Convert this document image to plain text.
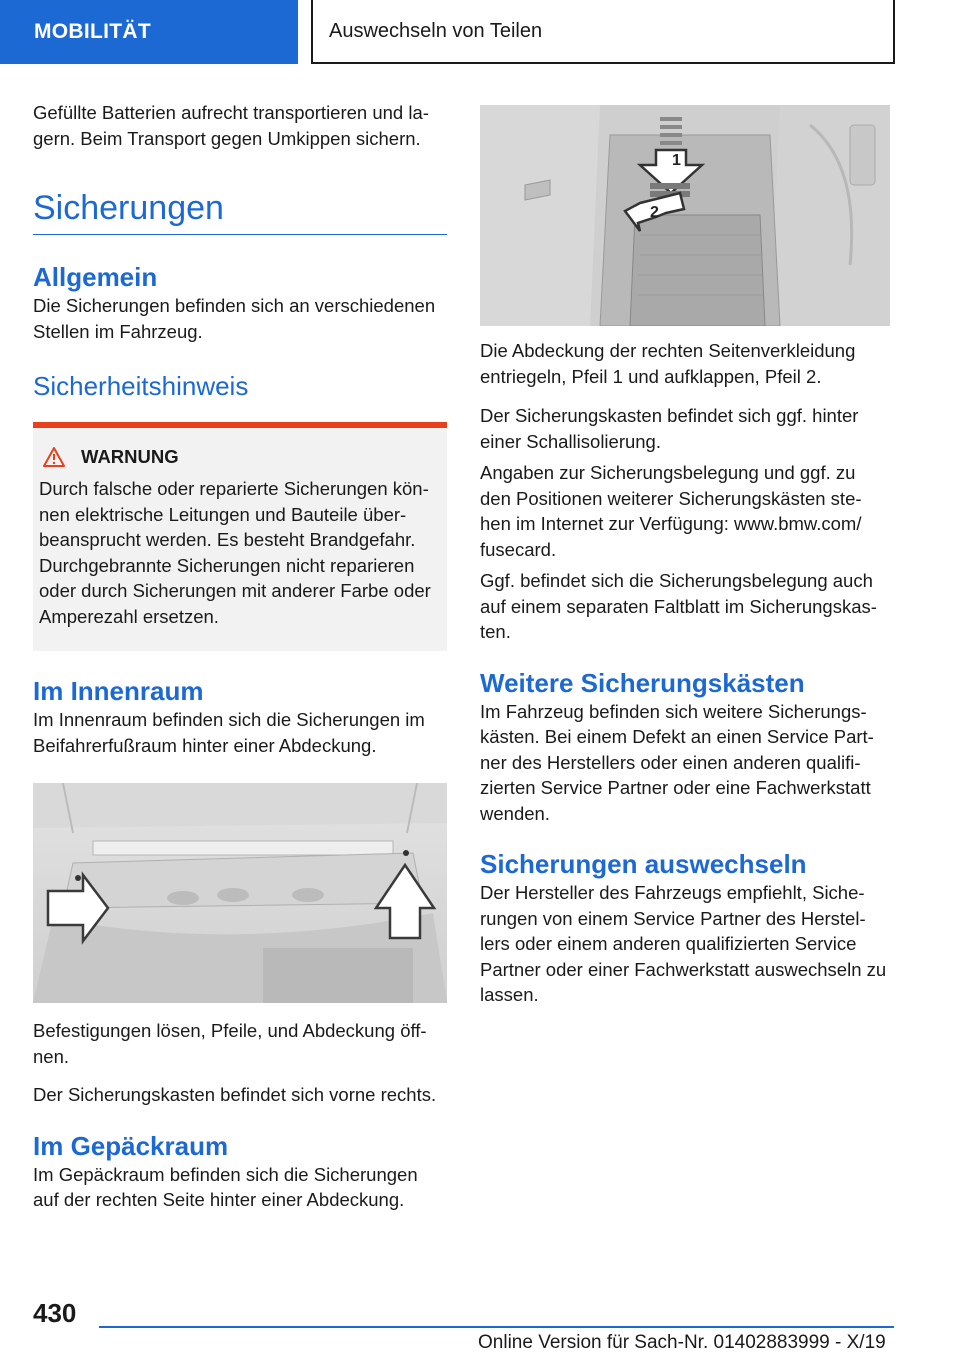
MOBILITÄT	Auswechseln von Teilen

Gefüllte Batterien aufrecht transportieren und la‐gern. Beim Transport gegen Umkippen sichern.

Sicherungen
Allgemein

Die Sicherungen befinden sich an verschiedenen Stellen im Fahrzeug.

Sicherheitshinweis
WARNUNG

Durch falsche oder reparierte Sicherungen kön‐nen elektrische Leitungen und Bauteile über‐beansprucht werden. Es besteht Brandgefahr. Durchgebrannte Sicherungen nicht reparieren oder durch Sicherungen mit anderer Farbe oder Amperezahl ersetzen.

Im Innenraum

Im Innenraum befinden sich die Sicherungen im Beifahrerfußraum hinter einer Abdeckung.

Befestigungen lösen, Pfeile, und Abdeckung öff‐nen.

Der Sicherungskasten befindet sich vorne rechts.

Im Gepäckraum

Im Gepäckraum befinden sich die Sicherungen auf der rechten Seite hinter einer Abdeckung.

1
2

Die Abdeckung der rechten Seitenverkleidung entriegeln, Pfeil 1 und aufklappen, Pfeil 2.

Der Sicherungskasten befindet sich ggf. hinter einer Schallisolierung.

Angaben zur Sicherungsbelegung und ggf. zu den Positionen weiterer Sicherungskästen ste‐hen im Internet zur Verfügung: www.bmw.com/ fusecard.

Ggf. befindet sich die Sicherungsbelegung auch auf einem separaten Faltblatt im Sicherungskas‐ten.

Weitere Sicherungskästen

Im Fahrzeug befinden sich weitere Sicherungs‐kästen. Bei einem Defekt an einen Service Part‐ner des Herstellers oder einen anderen qualifi‐zierten Service Partner oder eine Fachwerkstatt wenden.

Sicherungen auswechseln

Der Hersteller des Fahrzeugs empfiehlt, Siche‐rungen von einem Service Partner des Herstel‐lers oder einem anderen qualifizierten Service Partner oder einer Fachwerkstatt auswechseln zu lassen.

430
Online Version für Sach-Nr. 01402883999 - X/19
